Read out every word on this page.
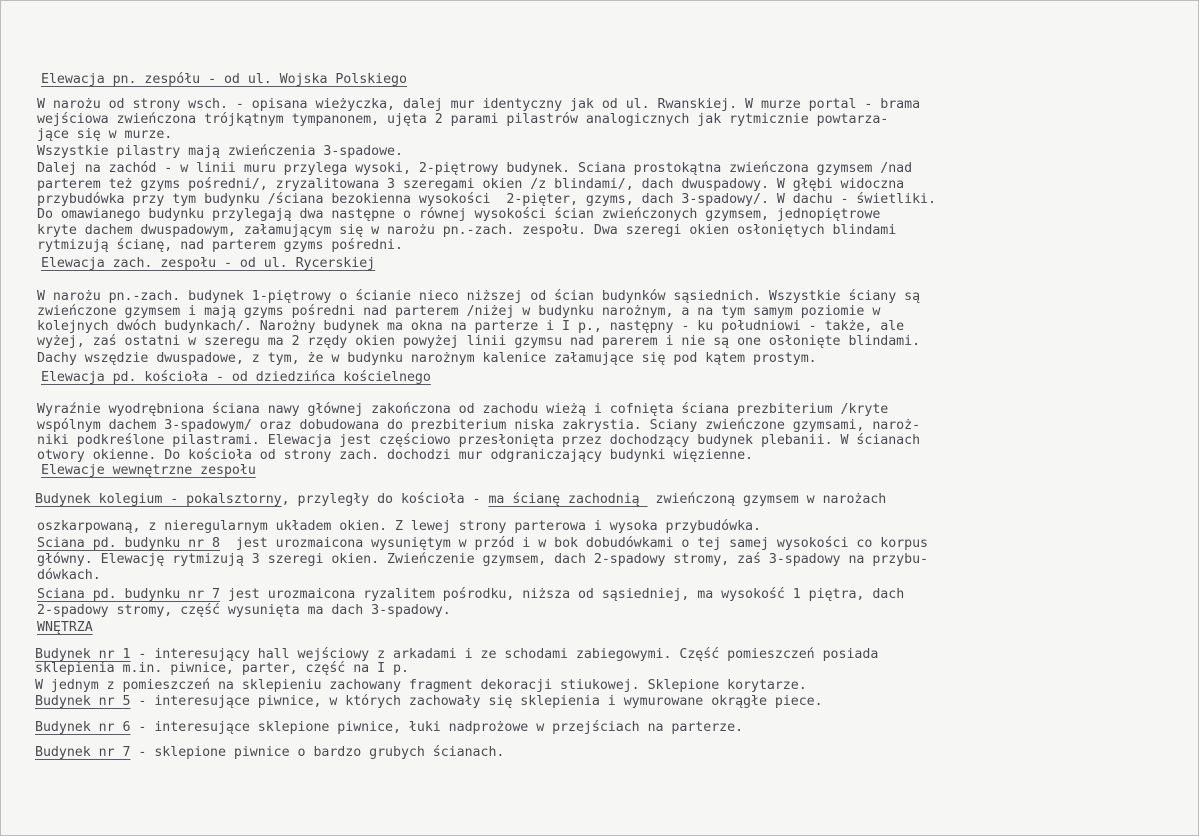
Elewacja pn. zespółu - od ul. Wojska Polskiego
W narożu od strony wsch. - opisana wieżyczka, dalej mur identyczny jak od ul. Rwanskiej. W murze portal - brama
wejściowa zwieńczona trójkątnym tympanonem, ujęta 2 parami pilastrów analogicznych jak rytmicznie powtarza-
jące się w murze.
Wszystkie pilastry mają zwieńczenia 3-spadowe.
Dalej na zachód - w linii muru przylega wysoki, 2-piętrowy budynek. Sciana prostokątna zwieńczona gzymsem /nad
parterem też gzyms pośredni/, zryzalitowana 3 szeregami okien /z blindami/, dach dwuspadowy. W głębi widoczna
przybudówka przy tym budynku /ściana bezokienna wysokości  2-pięter, gzyms, dach 3-spadowy/. W dachu - świetliki.
Do omawianego budynku przylegają dwa następne o równej wysokości ścian zwieńczonych gzymsem, jednopiętrowe
kryte dachem dwuspadowym, załamującym się w narożu pn.-zach. zespołu. Dwa szeregi okien osłoniętych blindami
rytmizują ścianę, nad parterem gzyms pośredni.
Elewacja zach. zespołu - od ul. Rycerskiej
W narożu pn.-zach. budynek 1-piętrowy o ścianie nieco niższej od ścian budynków sąsiednich. Wszystkie ściany są
zwieńczone gzymsem i mają gzyms pośredni nad parterem /niżej w budynku narożnym, a na tym samym poziomie w
kolejnych dwóch budynkach/. Narożny budynek ma okna na parterze i I p., następny - ku południowi - także, ale
wyżej, zaś ostatni w szeregu ma 2 rzędy okien powyżej linii gzymsu nad parerem i nie są one osłonięte blindami.
Dachy wszędzie dwuspadowe, z tym, że w budynku narożnym kalenice załamujące się pod kątem prostym.
Elewacja pd. kościoła - od dziedzińca kościelnego
Wyraźnie wyodrębniona ściana nawy głównej zakończona od zachodu wieżą i cofnięta ściana prezbiterium /kryte
wspólnym dachem 3-spadowym/ oraz dobudowana do prezbiterium niska zakrystia. Sciany zwieńczone gzymsami, naroż-
niki podkreślone pilastrami. Elewacja jest częściowo przesłonięta przez dochodzący budynek plebanii. W ścianach
otwory okienne. Do kościoła od strony zach. dochodzi mur odgraniczający budynki więzienne.
Elewacje wewnętrzne zespołu
Budynek kolegium - pokalsztorny, przyległy do kościoła - ma ścianę zachodnią  zwieńczoną gzymsem w narożach
oszkarpowaną, z nieregularnym układem okien. Z lewej strony parterowa i wysoka przybudówka.
Sciana pd. budynku nr 8  jest urozmaicona wysuniętym w przód i w bok dobudówkami o tej samej wysokości co korpus
główny. Elewację rytmizują 3 szeregi okien. Zwieńczenie gzymsem, dach 2-spadowy stromy, zaś 3-spadowy na przybu-
dówkach.
Sciana pd. budynku nr 7 jest urozmaicona ryzalitem pośrodku, niższa od sąsiedniej, ma wysokość 1 piętra, dach
2-spadowy stromy, część wysunięta ma dach 3-spadowy.
WNĘTRZA
Budynek nr 1 - interesujący hall wejściowy z arkadami i ze schodami zabiegowymi. Część pomieszczeń posiada
sklepienia m.in. piwnice, parter, część na I p.
W jednym z pomieszczeń na sklepieniu zachowany fragment dekoracji stiukowej. Sklepione korytarze.
Budynek nr 5 - interesujące piwnice, w których zachowały się sklepienia i wymurowane okrągłe piece.
Budynek nr 6 - interesujące sklepione piwnice, łuki nadprożowe w przejściach na parterze.
Budynek nr 7 - sklepione piwnice o bardzo grubych ścianach.
